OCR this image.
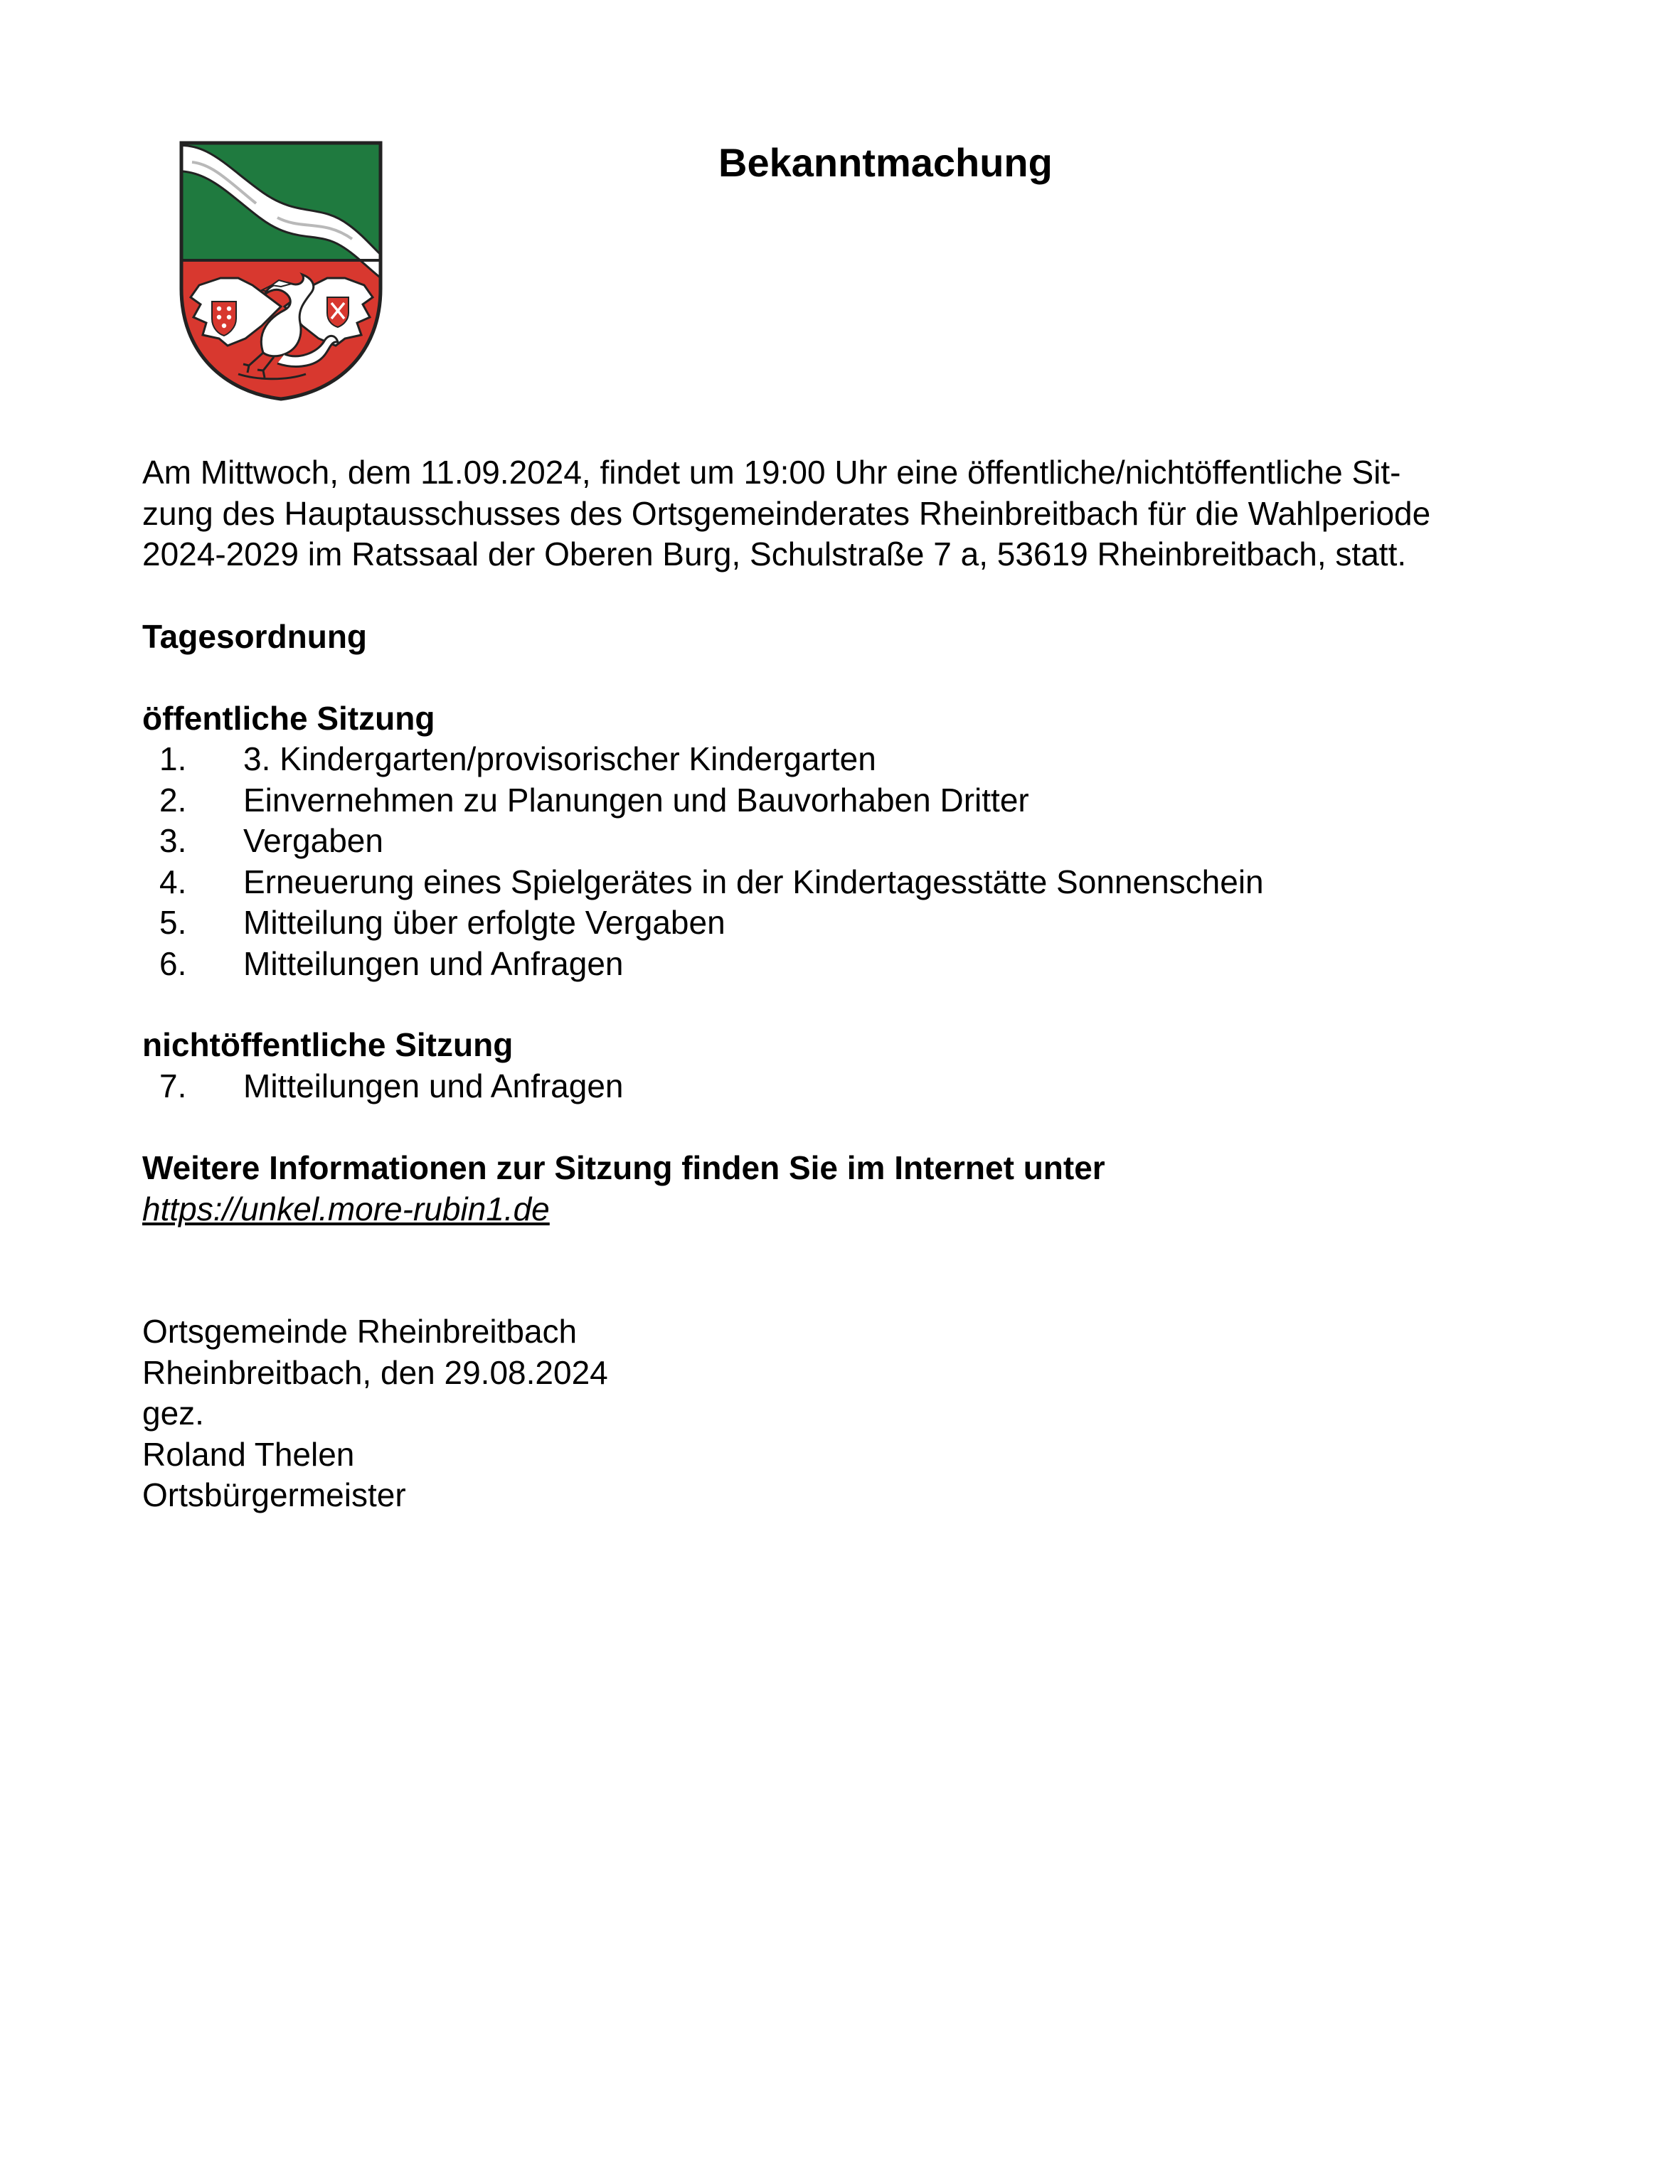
Bekanntmachung
Am Mittwoch, dem 11.09.2024, findet um 19:00 Uhr eine öffentliche/nichtöffentliche Sit-
zung des Hauptausschusses des Ortsgemeinderates Rheinbreitbach für die Wahlperiode
2024-2029 im Ratssaal der Oberen Burg, Schulstraße 7 a, 53619 Rheinbreitbach, statt.
Tagesordnung
öffentliche Sitzung
1. 3. Kindergarten/provisorischer Kindergarten
2. Einvernehmen zu Planungen und Bauvorhaben Dritter
3. Vergaben
4. Erneuerung eines Spielgerätes in der Kindertagesstätte Sonnenschein
5. Mitteilung über erfolgte Vergaben
6. Mitteilungen und Anfragen
nichtöffentliche Sitzung
7. Mitteilungen und Anfragen
Weitere Informationen zur Sitzung finden Sie im Internet unter
https://unkel.more-rubin1.de
Ortsgemeinde Rheinbreitbach
Rheinbreitbach, den 29.08.2024
gez.
Roland Thelen
Ortsbürgermeister
